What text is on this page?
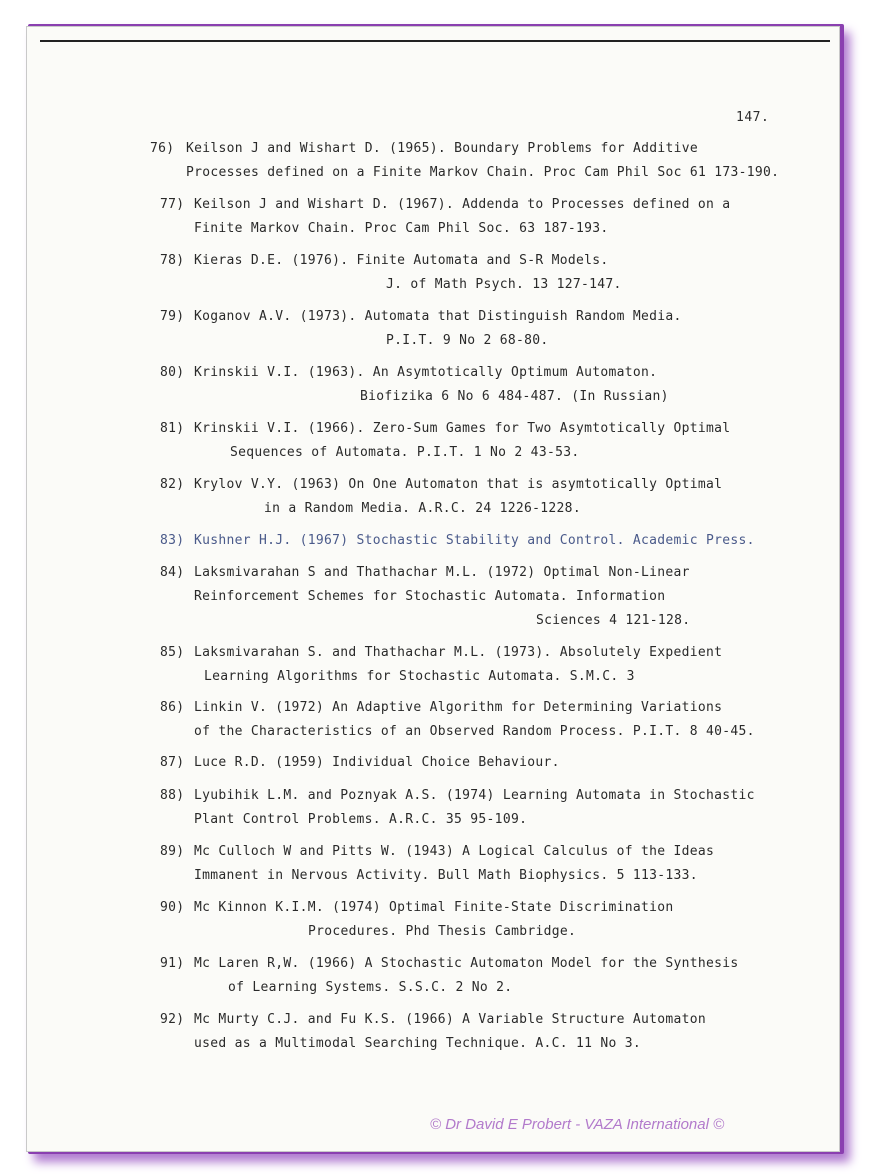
147.
76) Keilson J and Wishart D. (1965). Boundary Problems for Additive
Processes defined on a Finite Markov Chain. Proc Cam Phil Soc 61 173-190.
77) Keilson J and Wishart D. (1967). Addenda to Processes defined on a
Finite Markov Chain. Proc Cam Phil Soc. 63 187-193.
78) Kieras D.E. (1976). Finite Automata and S-R Models.
J. of Math Psych. 13 127-147.
79) Koganov A.V. (1973). Automata that Distinguish Random Media.
P.I.T. 9 No 2 68-80.
80) Krinskii V.I. (1963). An Asymtotically Optimum Automaton.
Biofizika 6 No 6 484-487. (In Russian)
81) Krinskii V.I. (1966). Zero-Sum Games for Two Asymtotically Optimal
Sequences of Automata. P.I.T. 1 No 2 43-53.
82) Krylov V.Y. (1963) On One Automaton that is asymtotically Optimal
in a Random Media. A.R.C. 24 1226-1228.
83) Kushner H.J. (1967) Stochastic Stability and Control. Academic Press.
84) Laksmivarahan S and Thathachar M.L. (1972) Optimal Non-Linear
Reinforcement Schemes for Stochastic Automata. Information
Sciences 4 121-128.
85) Laksmivarahan S. and Thathachar M.L. (1973). Absolutely Expedient
Learning Algorithms for Stochastic Automata. S.M.C. 3
86) Linkin V. (1972) An Adaptive Algorithm for Determining Variations
of the Characteristics of an Observed Random Process. P.I.T. 8 40-45.
87) Luce R.D. (1959) Individual Choice Behaviour.
88) Lyubihik L.M. and Poznyak A.S. (1974) Learning Automata in Stochastic
Plant Control Problems. A.R.C. 35 95-109.
89) Mc Culloch W and Pitts W. (1943) A Logical Calculus of the Ideas
Immanent in Nervous Activity. Bull Math Biophysics. 5 113-133.
90) Mc Kinnon K.I.M. (1974) Optimal Finite-State Discrimination
Procedures. Phd Thesis Cambridge.
91) Mc Laren R,W. (1966) A Stochastic Automaton Model for the Synthesis
of Learning Systems. S.S.C. 2 No 2.
92) Mc Murty C.J. and Fu K.S. (1966) A Variable Structure Automaton
used as a Multimodal Searching Technique. A.C. 11 No 3.
© Dr David E Probert - VAZA International ©
